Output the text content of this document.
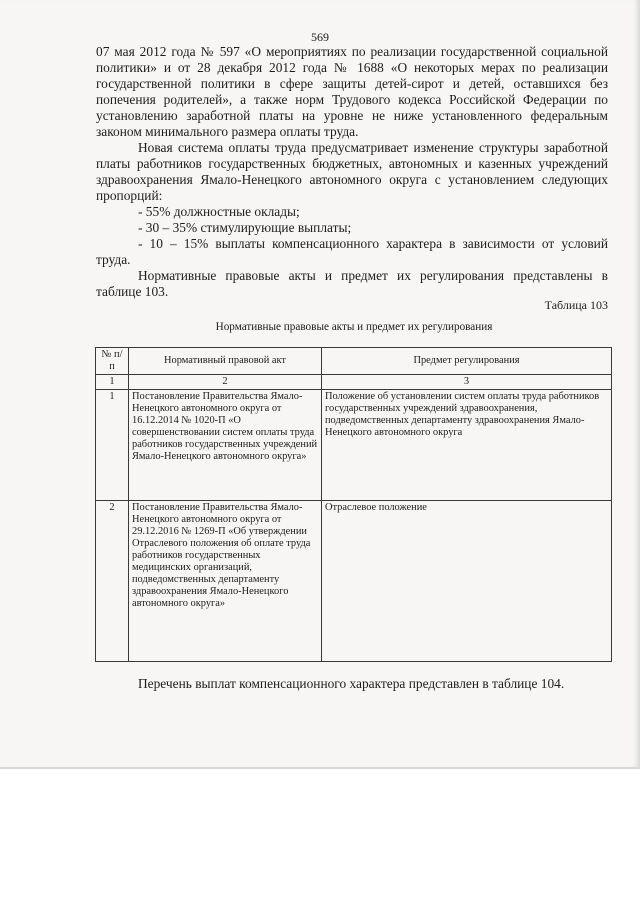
569

07 мая 2012 года № 597 «О мероприятиях по реализации государственной социальной политики» и от 28 декабря 2012 года № 1688 «О некоторых мерах по реализации государственной политики в сфере защиты детей-сирот и детей, оставшихся без попечения родителей», а также норм Трудового кодекса Российской Федерации по установлению заработной платы на уровне не ниже установленного федеральным законом минимального размера оплаты труда.

Новая система оплаты труда предусматривает изменение структуры заработной платы работников государственных бюджетных, автономных и казенных учреждений здравоохранения Ямало-Ненецкого автономного округа с установлением следующих пропорций:

- 55% должностные оклады;

- 30 – 35% стимулирующие выплаты;

- 10 – 15% выплаты компенсационного характера в зависимости от условий труда.

Нормативные правовые акты и предмет их регулирования представлены в таблице 103.

Таблица 103
Нормативные правовые акты и предмет их регулирования
№ п/п	Нормативный правовой акт	Предмет регулирования
1	2	3
1	Постановление Правительства Ямало-Ненецкого автономного округа от 16.12.2014 № 1020-П «О совершенствовании систем оплаты труда работников государственных учреждений Ямало-Ненецкого автономного округа»	Положение об установлении систем оплаты труда работников государственных учреждений здравоохранения, подведомственных департаменту здравоохранения Ямало-Ненецкого автономного округа
2	Постановление Правительства Ямало-Ненецкого автономного округа от 29.12.2016 № 1269-П «Об утверждении Отраслевого положения об оплате труда работников государственных медицинских организаций, подведомственных департаменту здравоохранения Ямало-Ненецкого автономного округа»	Отраслевое положение

Перечень выплат компенсационного характера представлен в таблице 104.
